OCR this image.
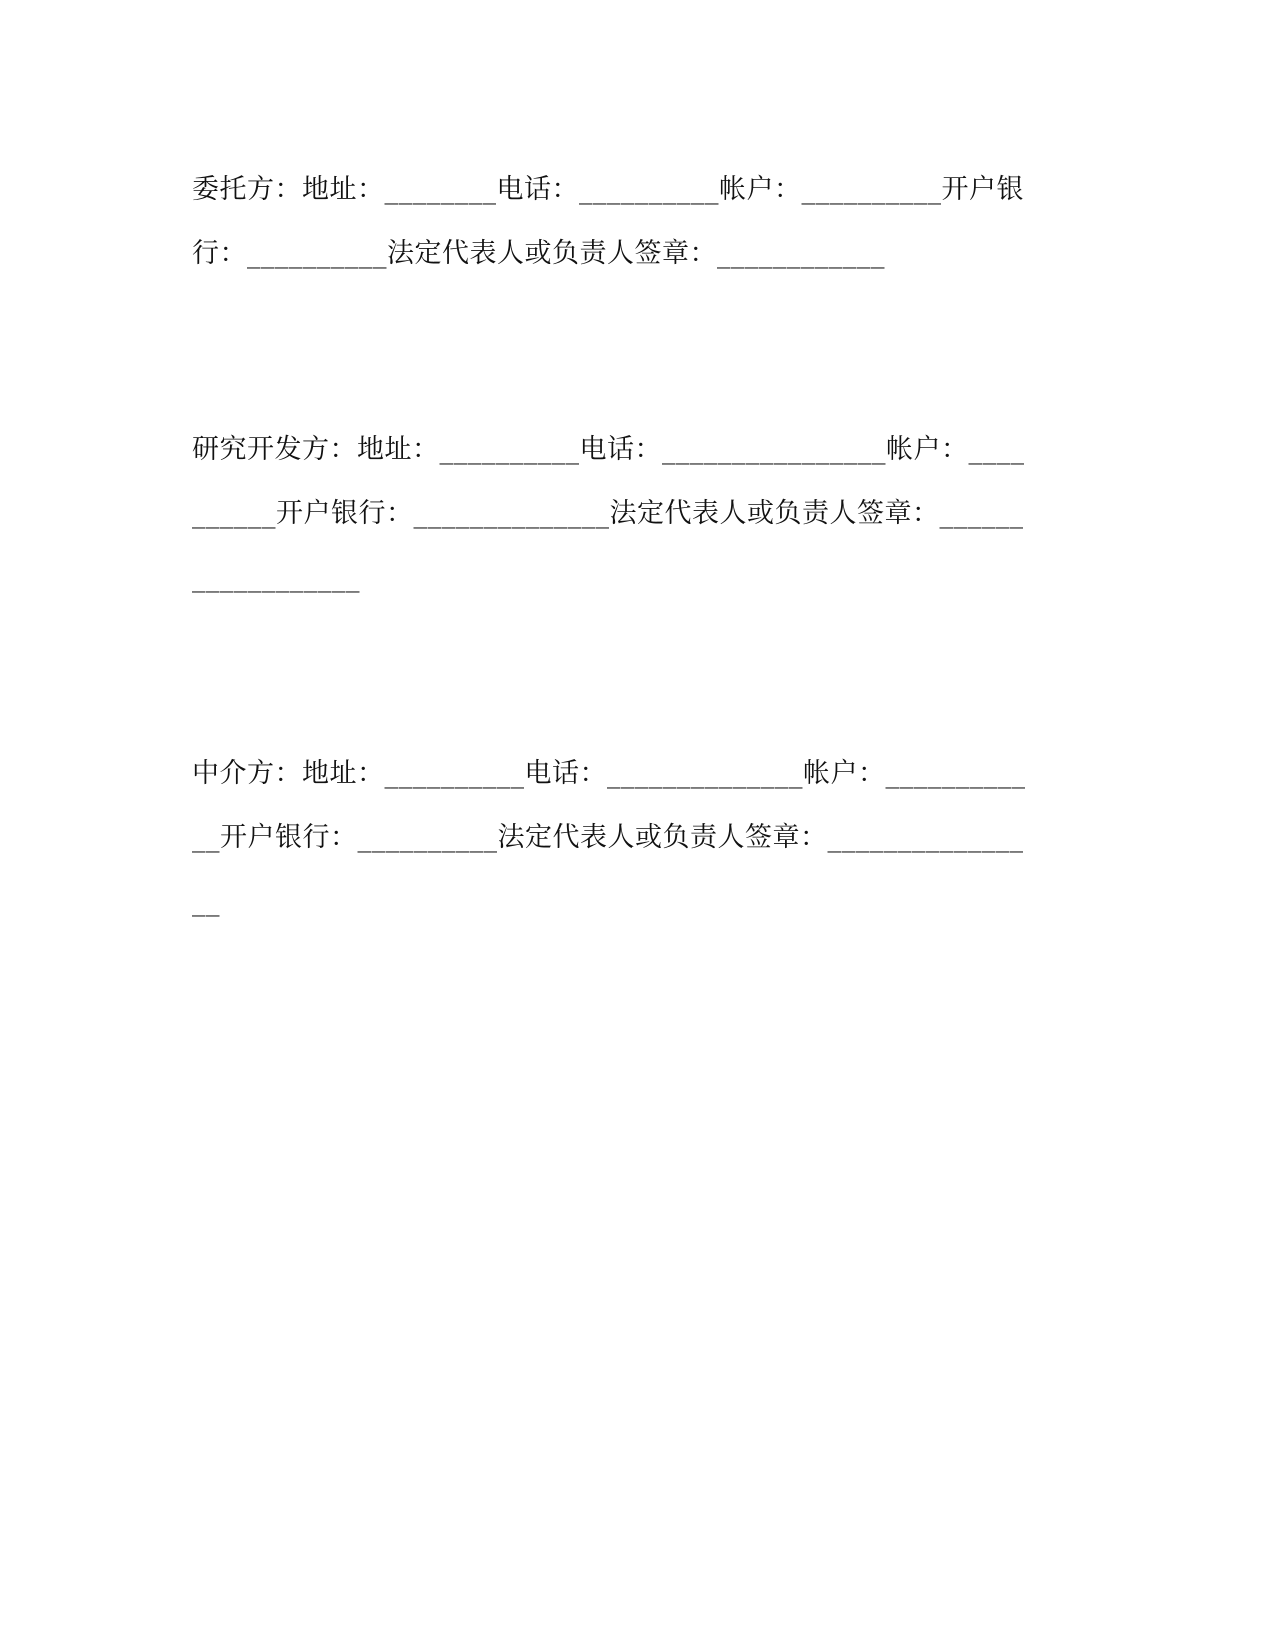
委托方：地址：________电话：__________帐户：__________开户银
行：__________法定代表人或负责人签章：____________
研究开发方：地址：__________电话：________________帐户：____
______开户银行：______________法定代表人或负责人签章：______
____________
中介方：地址：__________电话：______________帐户：__________
__开户银行：__________法定代表人或负责人签章：______________
__
